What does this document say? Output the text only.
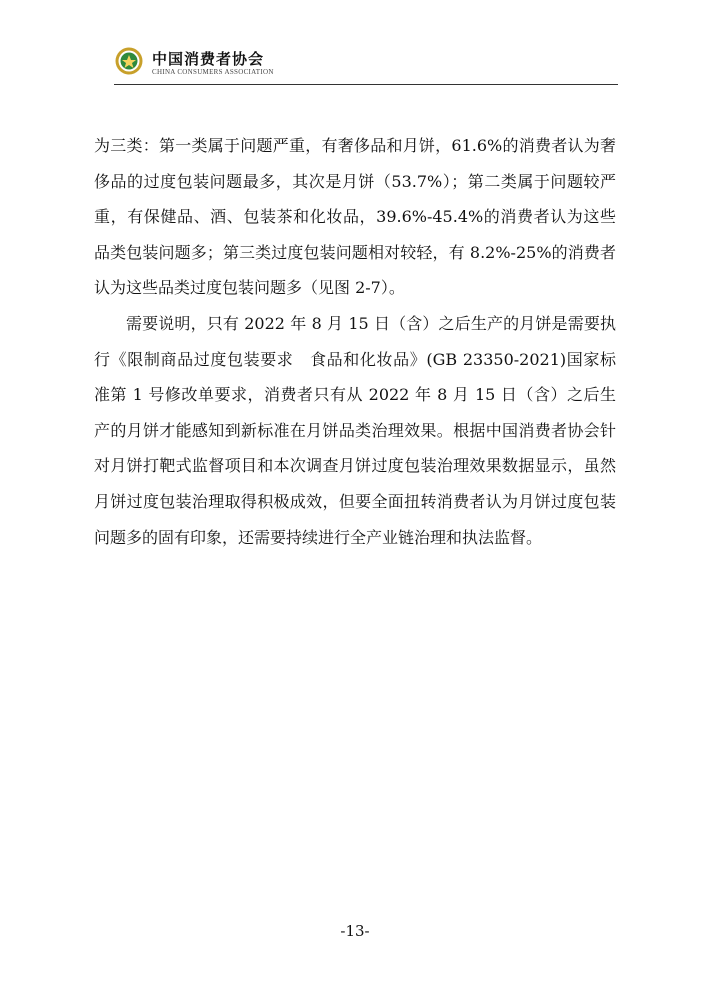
中国消费者协会
CHINA CONSUMERS ASSOCIATION

为三类：第一类属于问题严重，有奢侈品和月饼，61.6%的消费者认为奢侈品的过度包装问题最多，其次是月饼（53.7%）；第二类属于问题较严重，有保健品、酒、包装茶和化妆品，39.6%-45.4%的消费者认为这些品类包装问题多；第三类过度包装问题相对较轻，有 8.2%-25%的消费者认为这些品类过度包装问题多（见图 2-7）。

需要说明，只有 2022 年 8 月 15 日（含）之后生产的月饼是需要执行《限制商品过度包装要求　食品和化妆品》(GB 23350-2021)国家标准第 1 号修改单要求，消费者只有从 2022 年 8 月 15 日（含）之后生产的月饼才能感知到新标准在月饼品类治理效果。根据中国消费者协会针对月饼打靶式监督项目和本次调查月饼过度包装治理效果数据显示，虽然月饼过度包装治理取得积极成效，但要全面扭转消费者认为月饼过度包装问题多的固有印象，还需要持续进行全产业链治理和执法监督。

-13-
